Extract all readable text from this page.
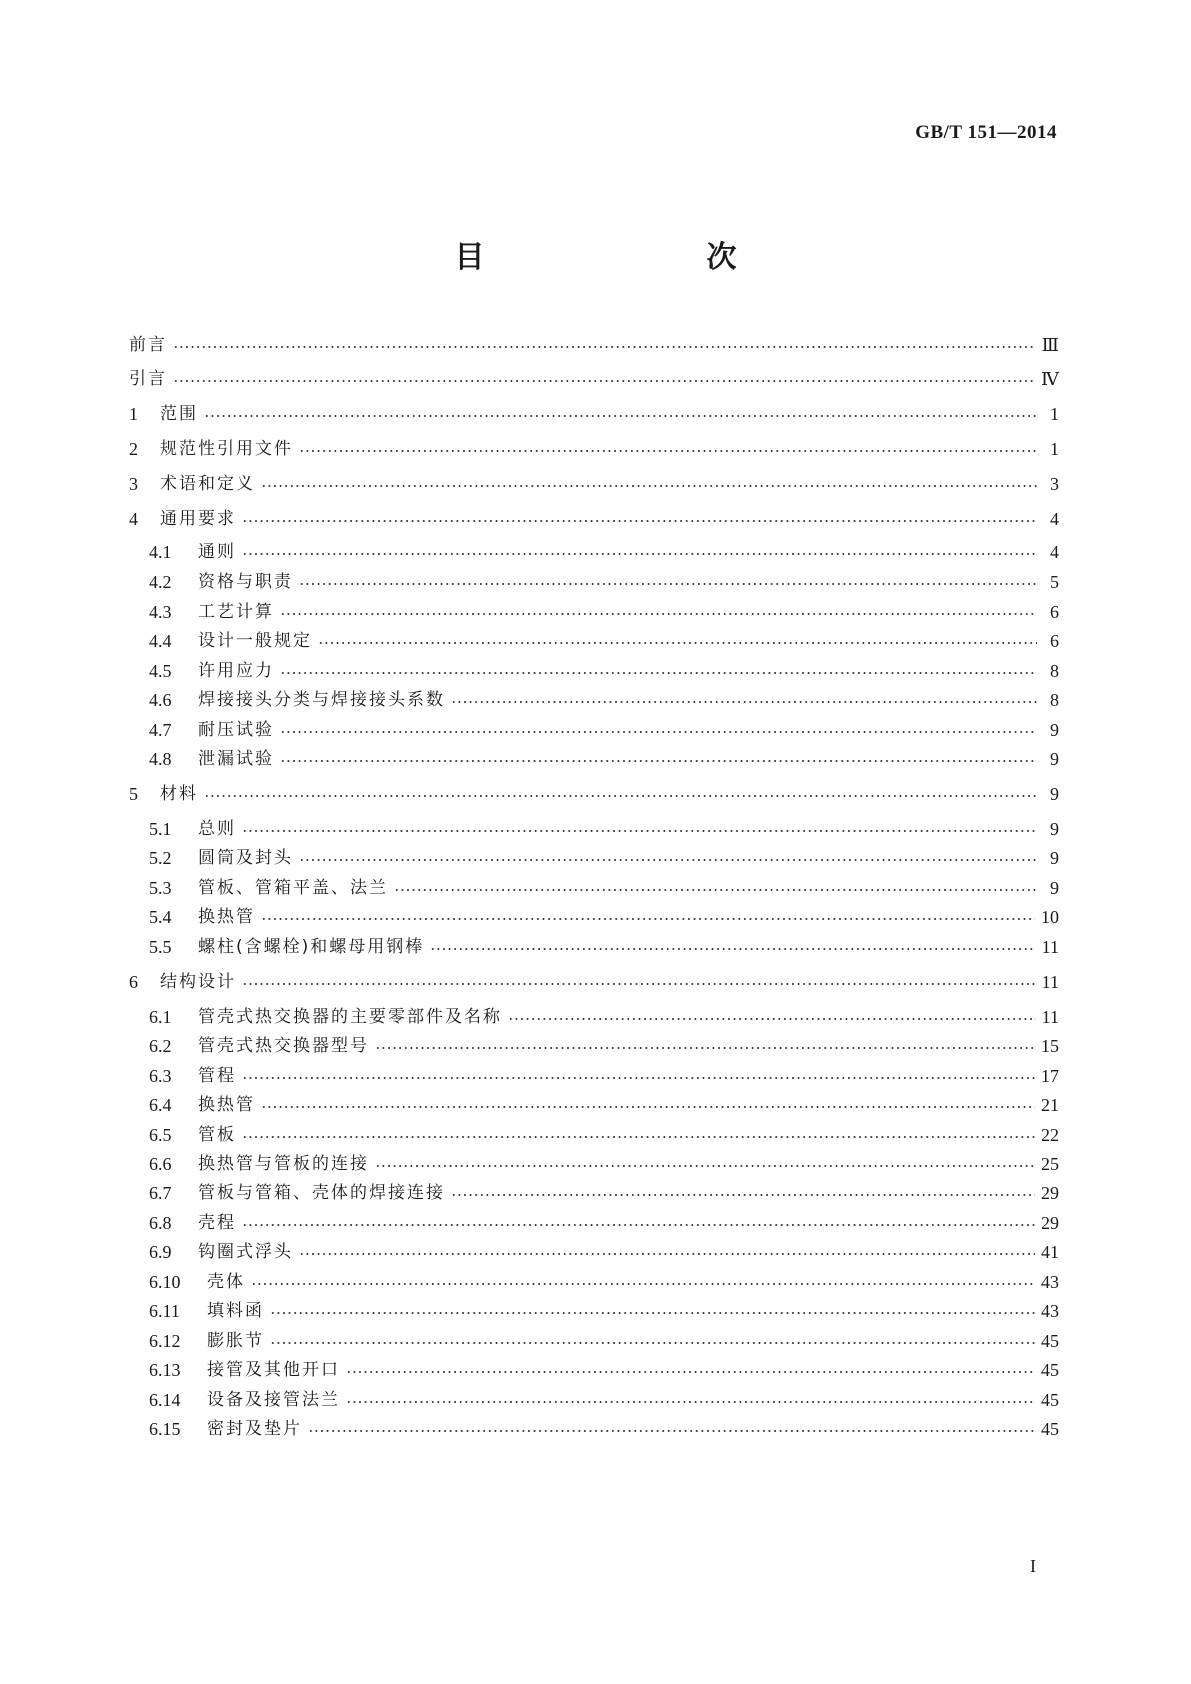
GB/T 151—2014
目　　次
前言	Ⅲ
引言	Ⅳ
1	范围	1
2	规范性引用文件	1
3	术语和定义	3
4	通用要求	4
4.1	通则	4
4.2	资格与职责	5
4.3	工艺计算	6
4.4	设计一般规定	6
4.5	许用应力	8
4.6	焊接接头分类与焊接接头系数	8
4.7	耐压试验	9
4.8	泄漏试验	9
5	材料	9
5.1	总则	9
5.2	圆筒及封头	9
5.3	管板、管箱平盖、法兰	9
5.4	换热管	10
5.5	螺柱(含螺栓)和螺母用钢棒	11
6	结构设计	11
6.1	管壳式热交换器的主要零部件及名称	11
6.2	管壳式热交换器型号	15
6.3	管程	17
6.4	换热管	21
6.5	管板	22
6.6	换热管与管板的连接	25
6.7	管板与管箱、壳体的焊接连接	29
6.8	壳程	29
6.9	钩圈式浮头	41
6.10	壳体	43
6.11	填料函	43
6.12	膨胀节	45
6.13	接管及其他开口	45
6.14	设备及接管法兰	45
6.15	密封及垫片	45
I
